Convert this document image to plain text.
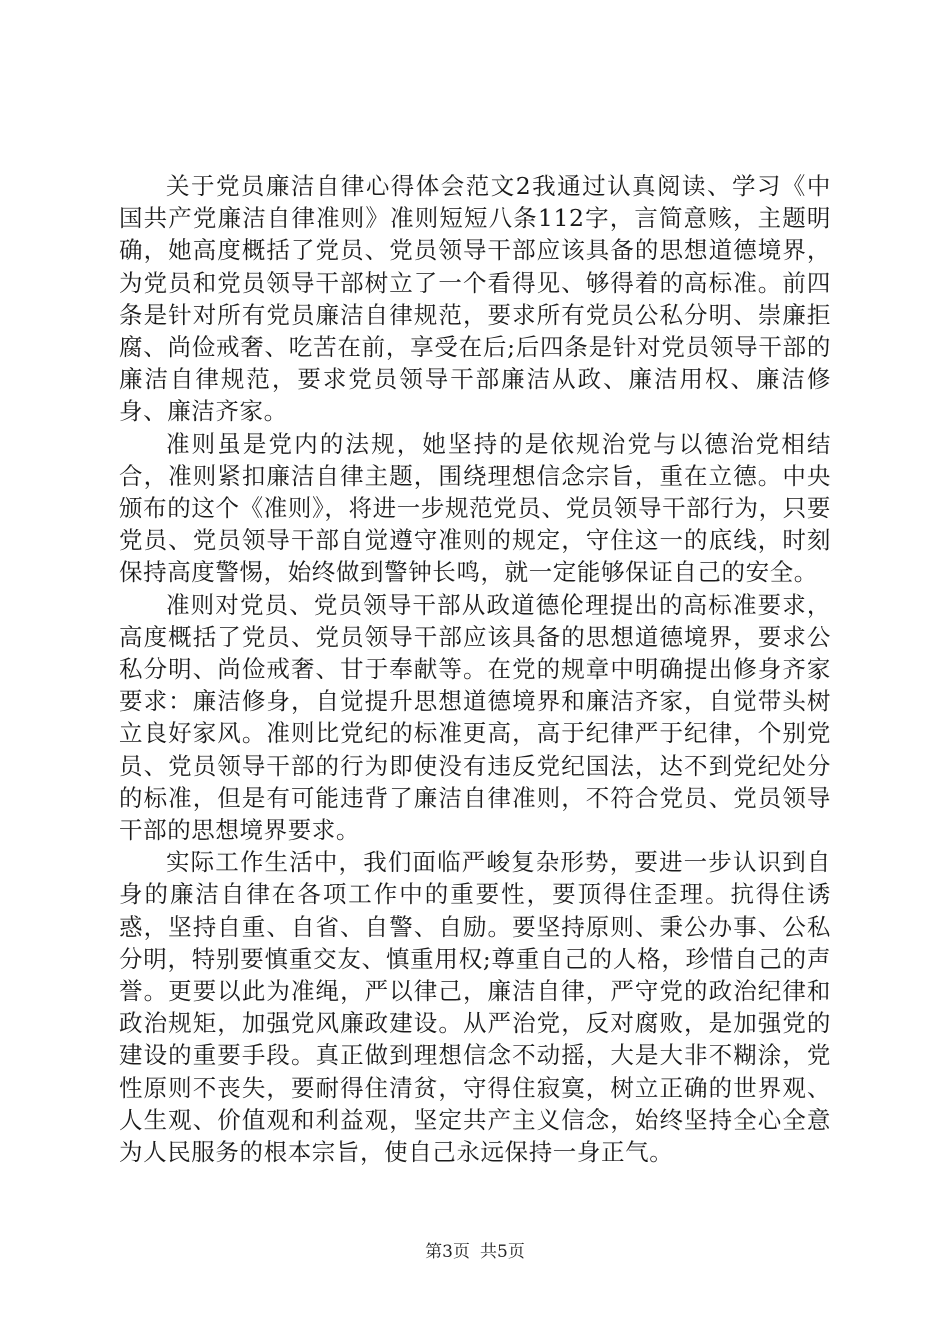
关于党员廉洁自律心得体会范文2我通过认真阅读、学习《中国共产党廉洁自律准则》准则短短八条112字，言简意赅，主题明确，她高度概括了党员、党员领导干部应该具备的思想道德境界，为党员和党员领导干部树立了一个看得见、够得着的高标准。前四条是针对所有党员廉洁自律规范，要求所有党员公私分明、崇廉拒腐、尚俭戒奢、吃苦在前，享受在后;后四条是针对党员领导干部的廉洁自律规范，要求党员领导干部廉洁从政、廉洁用权、廉洁修身、廉洁齐家。

准则虽是党内的法规，她坚持的是依规治党与以德治党相结合，准则紧扣廉洁自律主题，围绕理想信念宗旨，重在立德。中央颁布的这个《准则》，将进一步规范党员、党员领导干部行为，只要党员、党员领导干部自觉遵守准则的规定，守住这一的底线，时刻保持高度警惕，始终做到警钟长鸣，就一定能够保证自己的安全。

准则对党员、党员领导干部从政道德伦理提出的高标准要求，高度概括了党员、党员领导干部应该具备的思想道德境界，要求公私分明、尚俭戒奢、甘于奉献等。在党的规章中明确提出修身齐家要求：廉洁修身，自觉提升思想道德境界和廉洁齐家，自觉带头树立良好家风。准则比党纪的标准更高，高于纪律严于纪律，个别党员、党员领导干部的行为即使没有违反党纪国法，达不到党纪处分的标准，但是有可能违背了廉洁自律准则，不符合党员、党员领导干部的思想境界要求。

实际工作生活中，我们面临严峻复杂形势，要进一步认识到自身的廉洁自律在各项工作中的重要性，要顶得住歪理。抗得住诱惑，坚持自重、自省、自警、自励。要坚持原则、秉公办事、公私分明，特别要慎重交友、慎重用权;尊重自己的人格，珍惜自己的声誉。更要以此为准绳，严以律己，廉洁自律，严守党的政治纪律和政治规矩，加强党风廉政建设。从严治党，反对腐败，是加强党的建设的重要手段。真正做到理想信念不动摇，大是大非不糊涂，党性原则不丧失，要耐得住清贫，守得住寂寞，树立正确的世界观、人生观、价值观和利益观，坚定共产主义信念，始终坚持全心全意为人民服务的根本宗旨，使自己永远保持一身正气。

第3页 共5页
